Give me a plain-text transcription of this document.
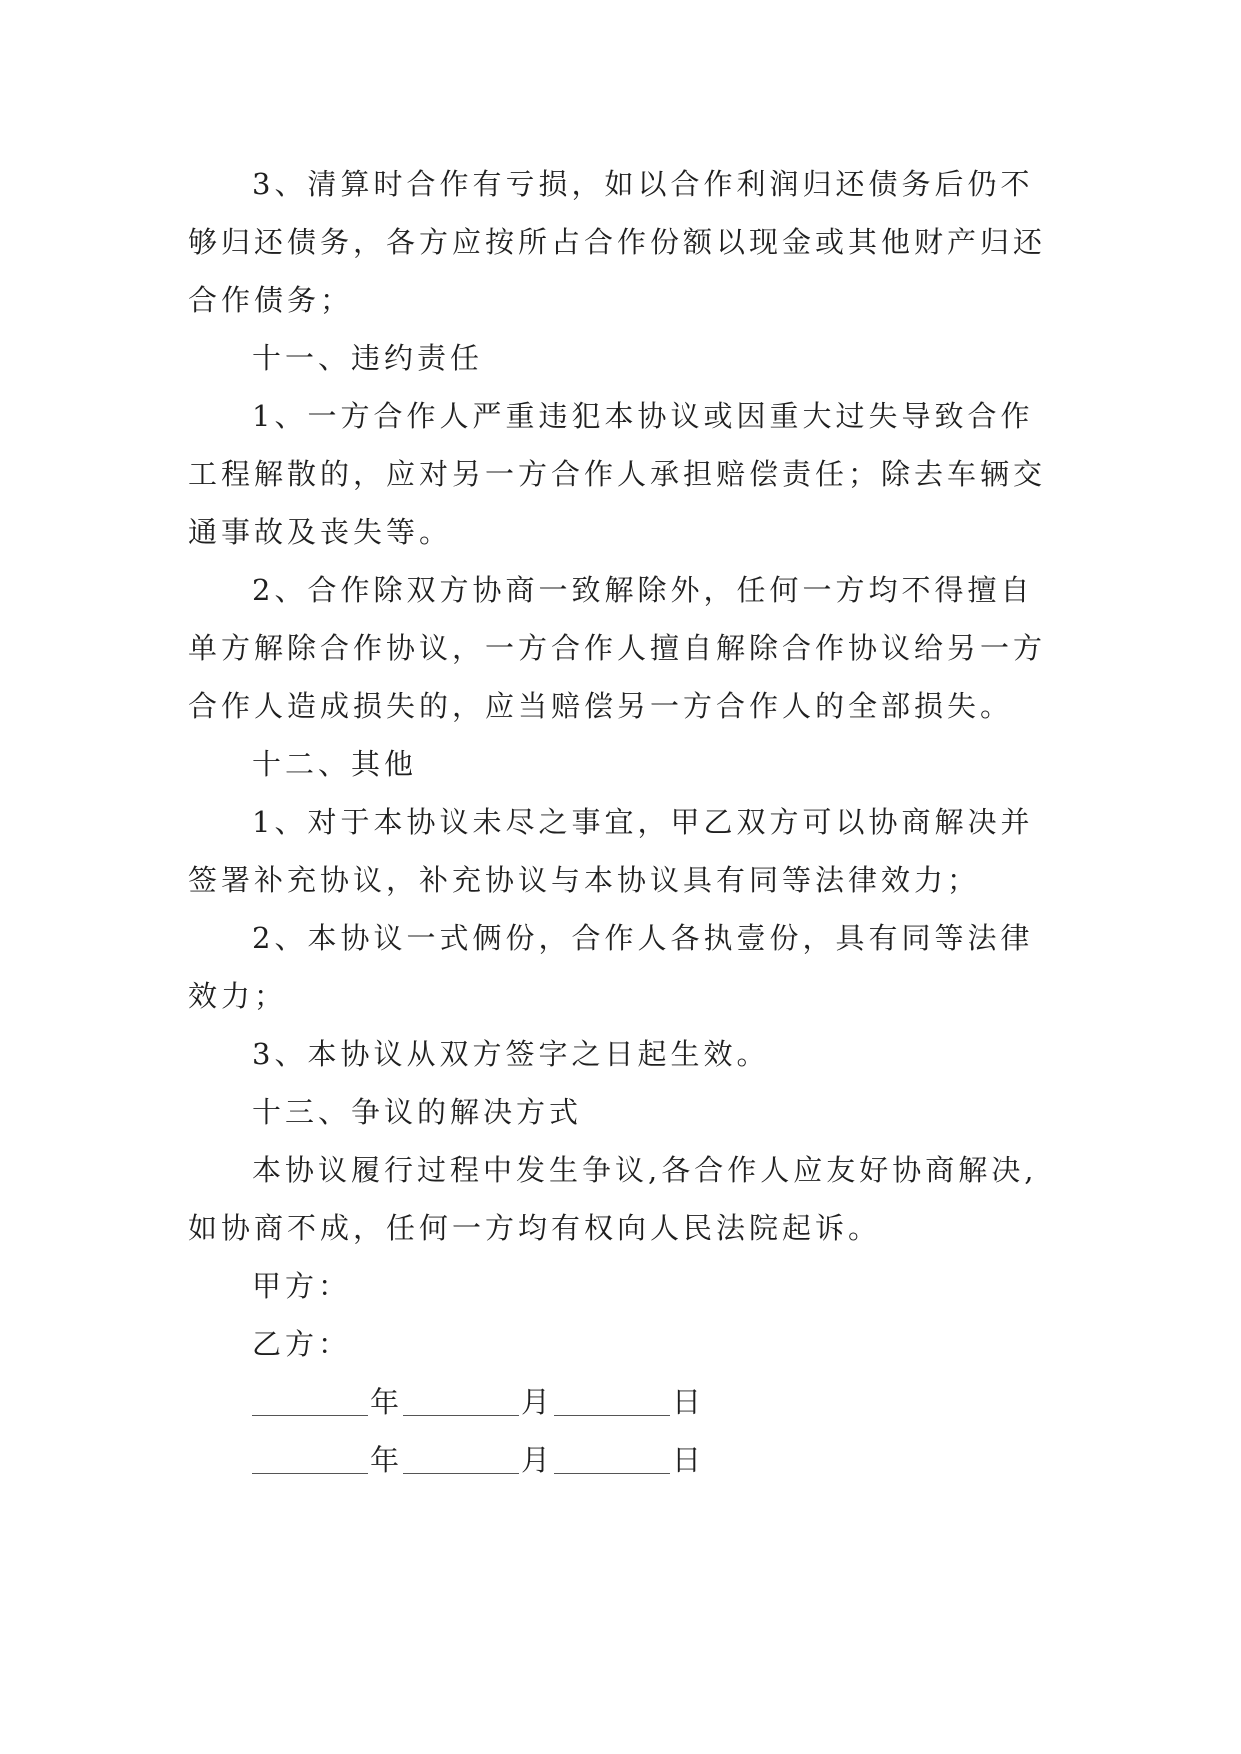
3、清算时合作有亏损，如以合作利润归还债务后仍不
够归还债务，各方应按所占合作份额以现金或其他财产归还
合作债务；

十一、违约责任

1、一方合作人严重违犯本协议或因重大过失导致合作
工程解散的，应对另一方合作人承担赔偿责任；除去车辆交
通事故及丧失等。

2、合作除双方协商一致解除外，任何一方均不得擅自
单方解除合作协议，一方合作人擅自解除合作协议给另一方
合作人造成损失的，应当赔偿另一方合作人的全部损失。

十二、其他

1、对于本协议未尽之事宜，甲乙双方可以协商解决并
签署补充协议，补充协议与本协议具有同等法律效力；

2、本协议一式俩份，合作人各执壹份，具有同等法律
效力；

3、本协议从双方签字之日起生效。

十三、争议的解决方式

本协议履行过程中发生争议,各合作人应友好协商解决,
如协商不成，任何一方均有权向人民法院起诉。

甲方：

乙方：

年	月	日

年	月	日
